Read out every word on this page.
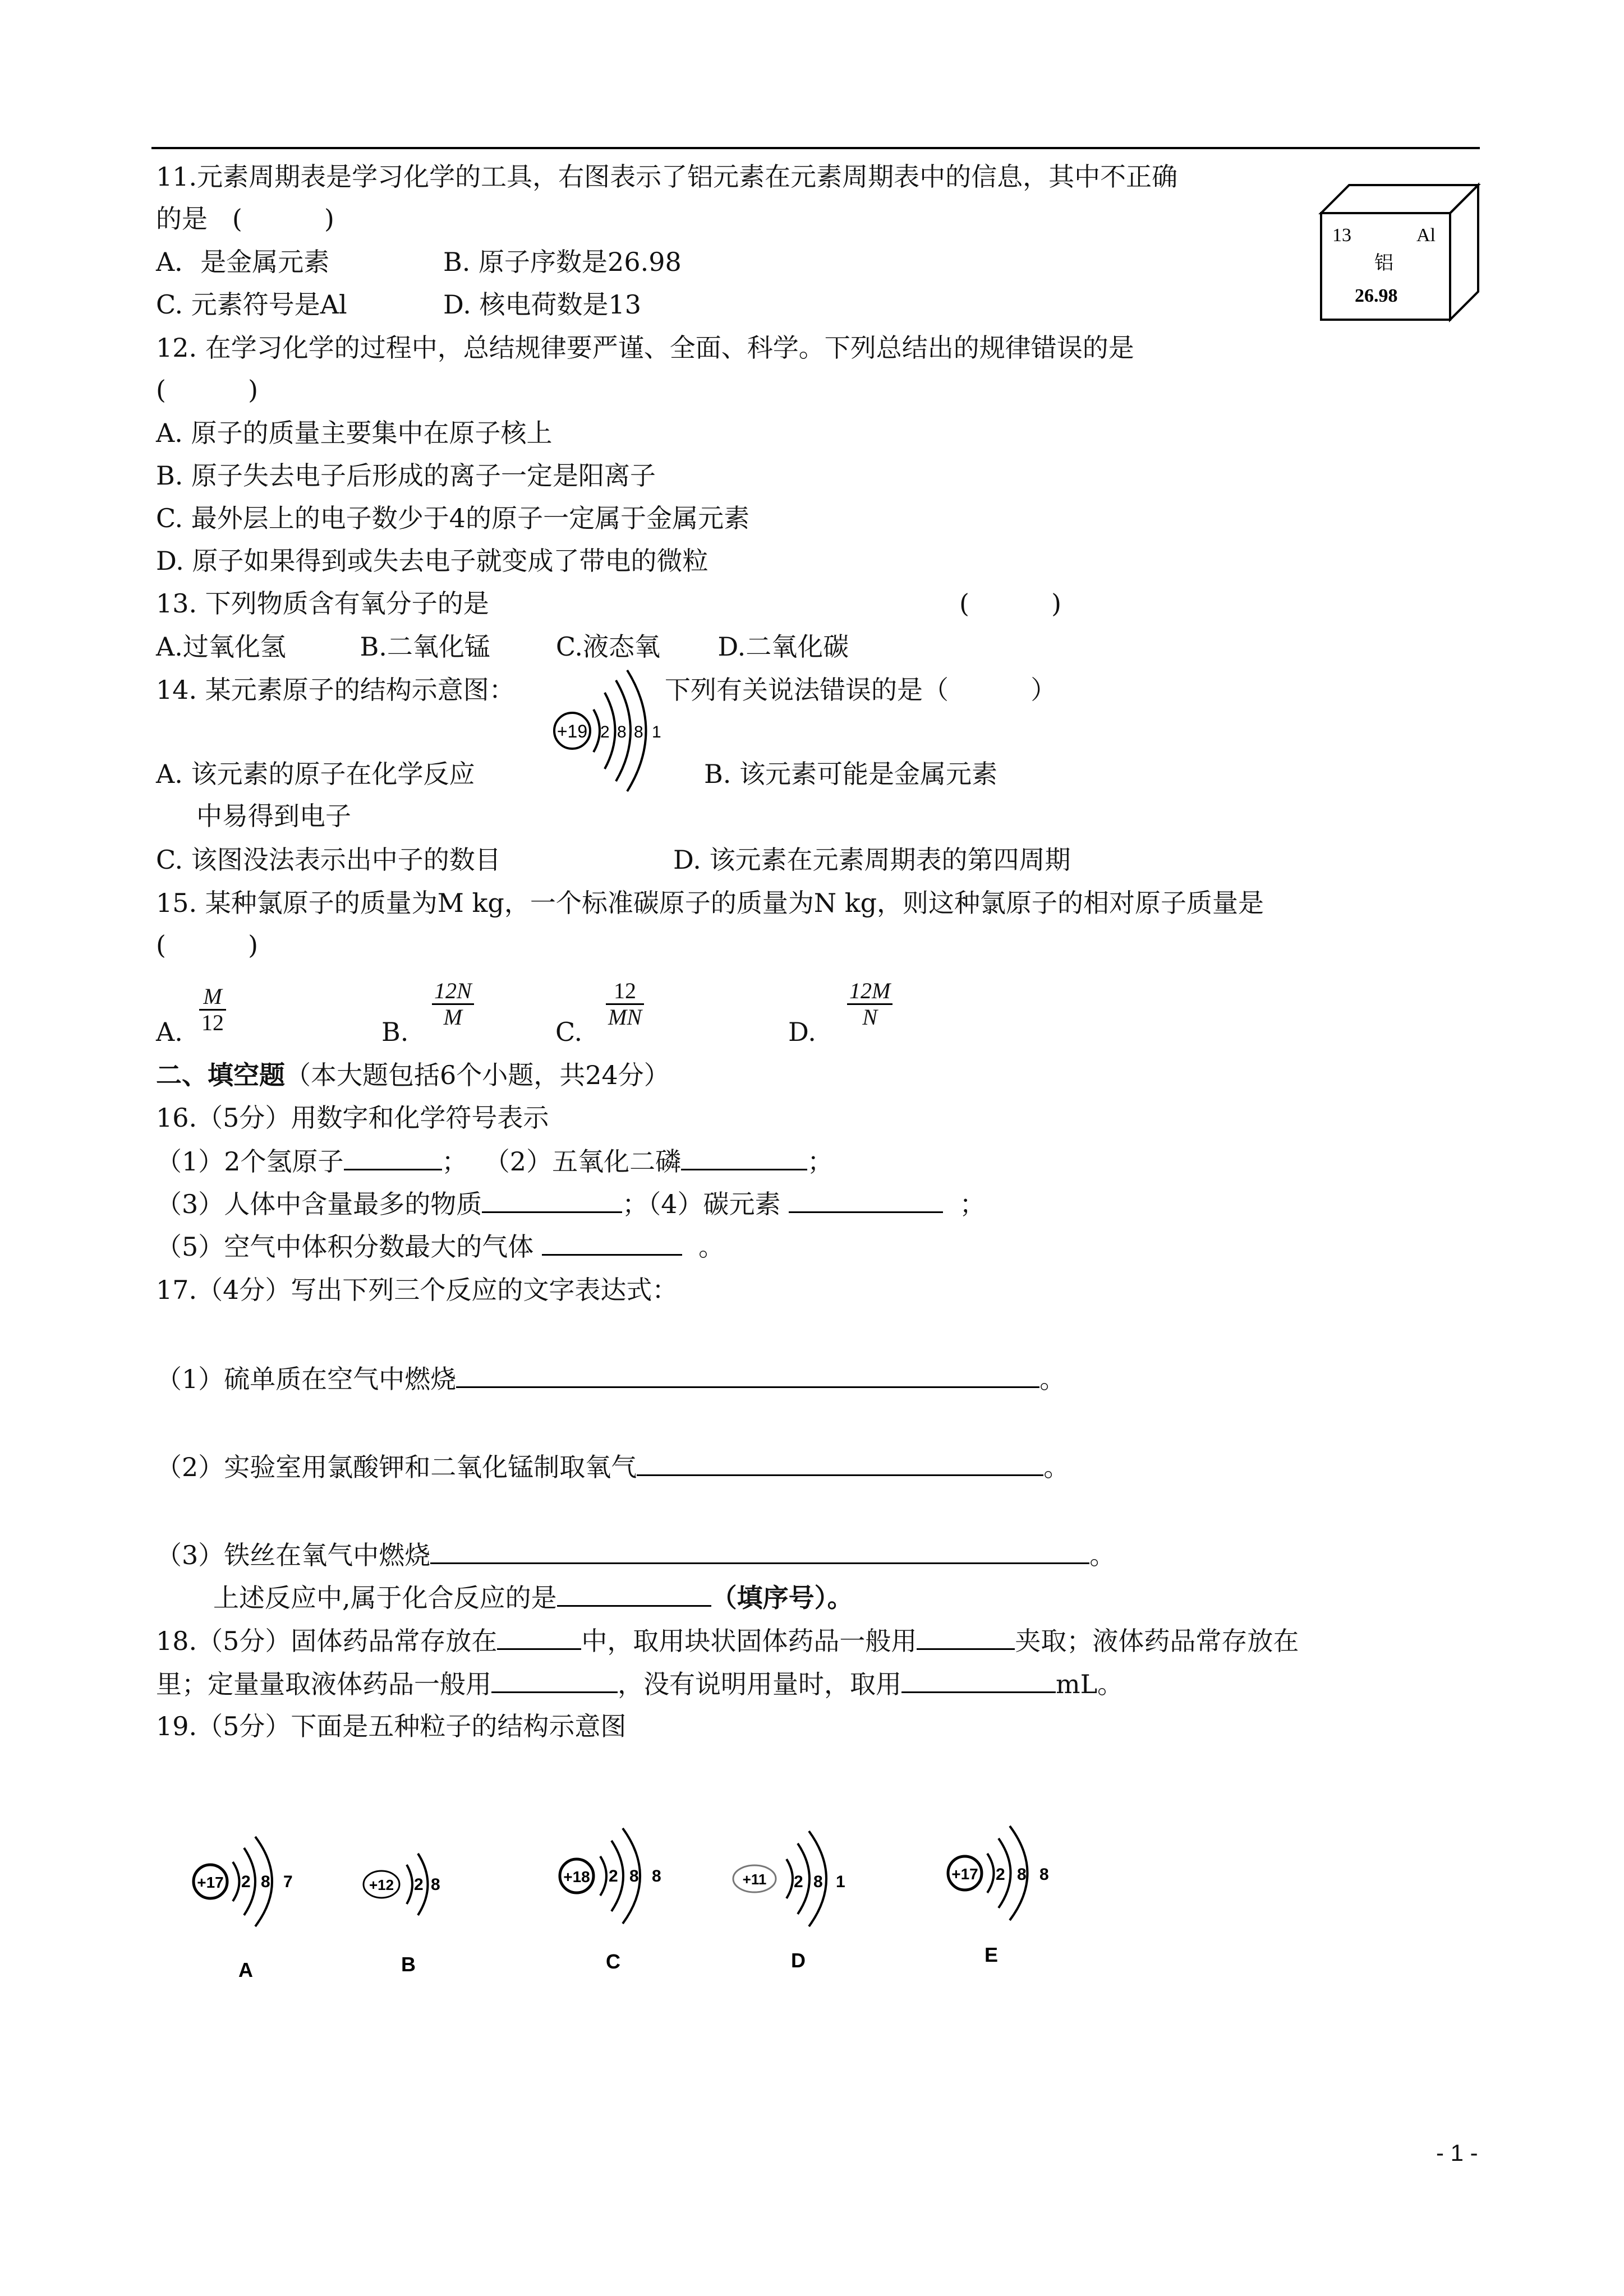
11.元素周期表是学习化学的工具，右图表示了铝元素在元素周期表中的信息，其中不正确
的是   (          )
A．是金属元素	B. 原子序数是26.98
C. 元素符号是Al	D. 核电荷数是13
13	Al
铝
26.98
12. 在学习化学的过程中，总结规律要严谨、全面、科学。下列总结出的规律错误的是
(          )
A. 原子的质量主要集中在原子核上
B. 原子失去电子后形成的离子一定是阳离子
C. 最外层上的电子数少于4的原子一定属于金属元素
D. 原子如果得到或失去电子就变成了带电的微粒
13. 下列物质含有氧分子的是	(          )
A.过氧化氢         B.二氧化锰        C.液态氧       D.二氧化碳
14. 某元素原子的结构示意图：	下列有关说法错误的是（          ）
+19 2 8 8 1
A. 该元素的原子在化学反应	B. 该元素可能是金属元素
中易得到电子
C. 该图没法表示出中子的数目	D. 该元素在元素周期表的第四周期
15. 某种氯原子的质量为M kg，一个标准碳原子的质量为N kg，则这种氯原子的相对原子质量是
(          )
A. $\frac{M}{12}$	B.
$\frac{12N}{M}$
C.
$\frac{12}{MN}$
D.
$\frac{12M}{N}$
二、填空题（本大题包括6个小题，共24分）
16.（5分）用数字和化学符号表示
（1）2个氢原子	； （2）五氧化二磷	；
（3）人体中含量最多的物质	；（4）碳元素	；
（5）空气中体积分数最大的气体	。
17.（4分）写出下列三个反应的文字表达式：
（1）硫单质在空气中燃烧	。
（2）实验室用氯酸钾和二氧化锰制取氧气	。
（3）铁丝在氧气中燃烧	。
上述反应中,属于化合反应的是	（填序号）。
18.（5分）固体药品常存放在	中，取用块状固体药品一般用	夹取；液体药品常存放在
里；定量量取液体药品一般用	，没有说明用量时，取用	mL。
19.（5分）下面是五种粒子的结构示意图
+17 2 8 7
A
+12 2 8
B
+18 2 8 8
C
+11 2 8 1
D
+17 2 8 8
E
- 1 -
